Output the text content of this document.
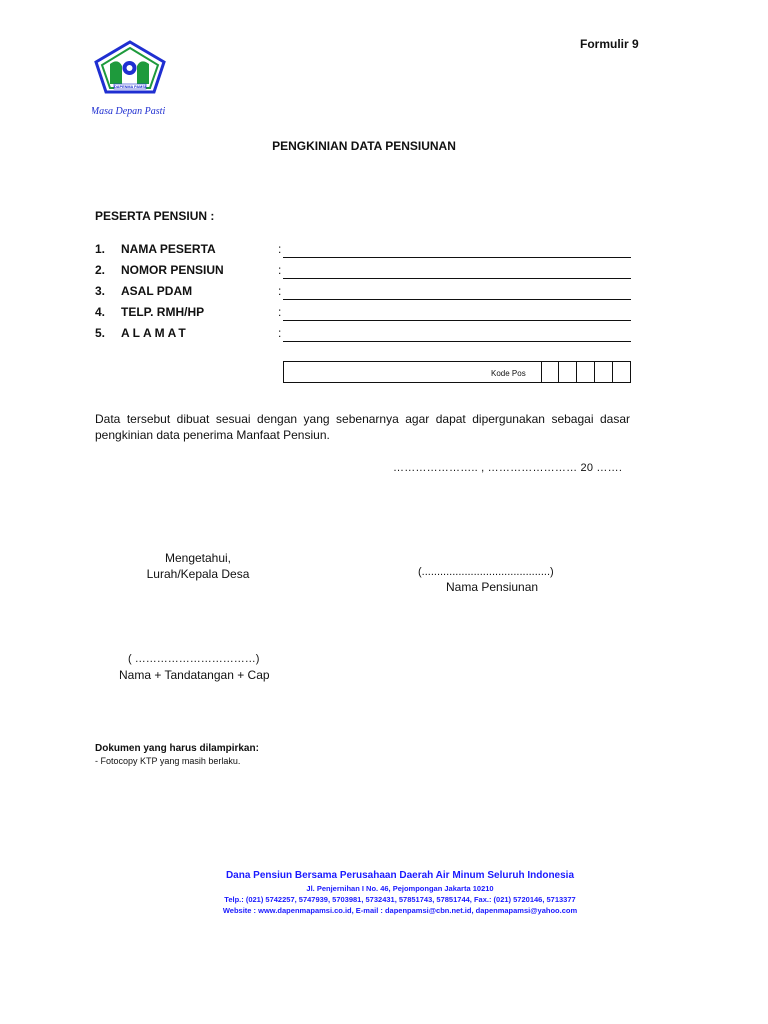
Formulir 9
DAPENMA PAMSI
Masa Depan Pasti
PENGKINIAN DATA PENSIUNAN
PESERTA PENSIUN :
1. NAMA PESERTA	:
2. NOMOR PENSIUN	:
3. ASAL PDAM	:
4. TELP. RMH/HP	:
5. ALAMAT	:
Kode Pos
Data tersebut dibuat sesuai dengan yang sebenarnya agar dapat dipergunakan sebagai dasar pengkinian data penerima Manfaat Pensiun.
………………….. , …………………… 20 …….
Mengetahui,
Lurah/Kepala Desa	(..........................................)
Nama Pensiunan
( ……………………………)
Nama + Tandatangan + Cap
Dokumen yang harus dilampirkan:
- Fotocopy KTP yang masih berlaku.
Dana Pensiun Bersama Perusahaan Daerah Air Minum Seluruh Indonesia
Jl. Penjernihan I No. 46, Pejompongan Jakarta 10210
Telp.: (021) 5742257, 5747939, 5703981, 5732431, 57851743, 57851744, Fax.: (021) 5720146, 5713377
Website : www.dapenmapamsi.co.id, E-mail : dapenpamsi@cbn.net.id, dapenmapamsi@yahoo.com
